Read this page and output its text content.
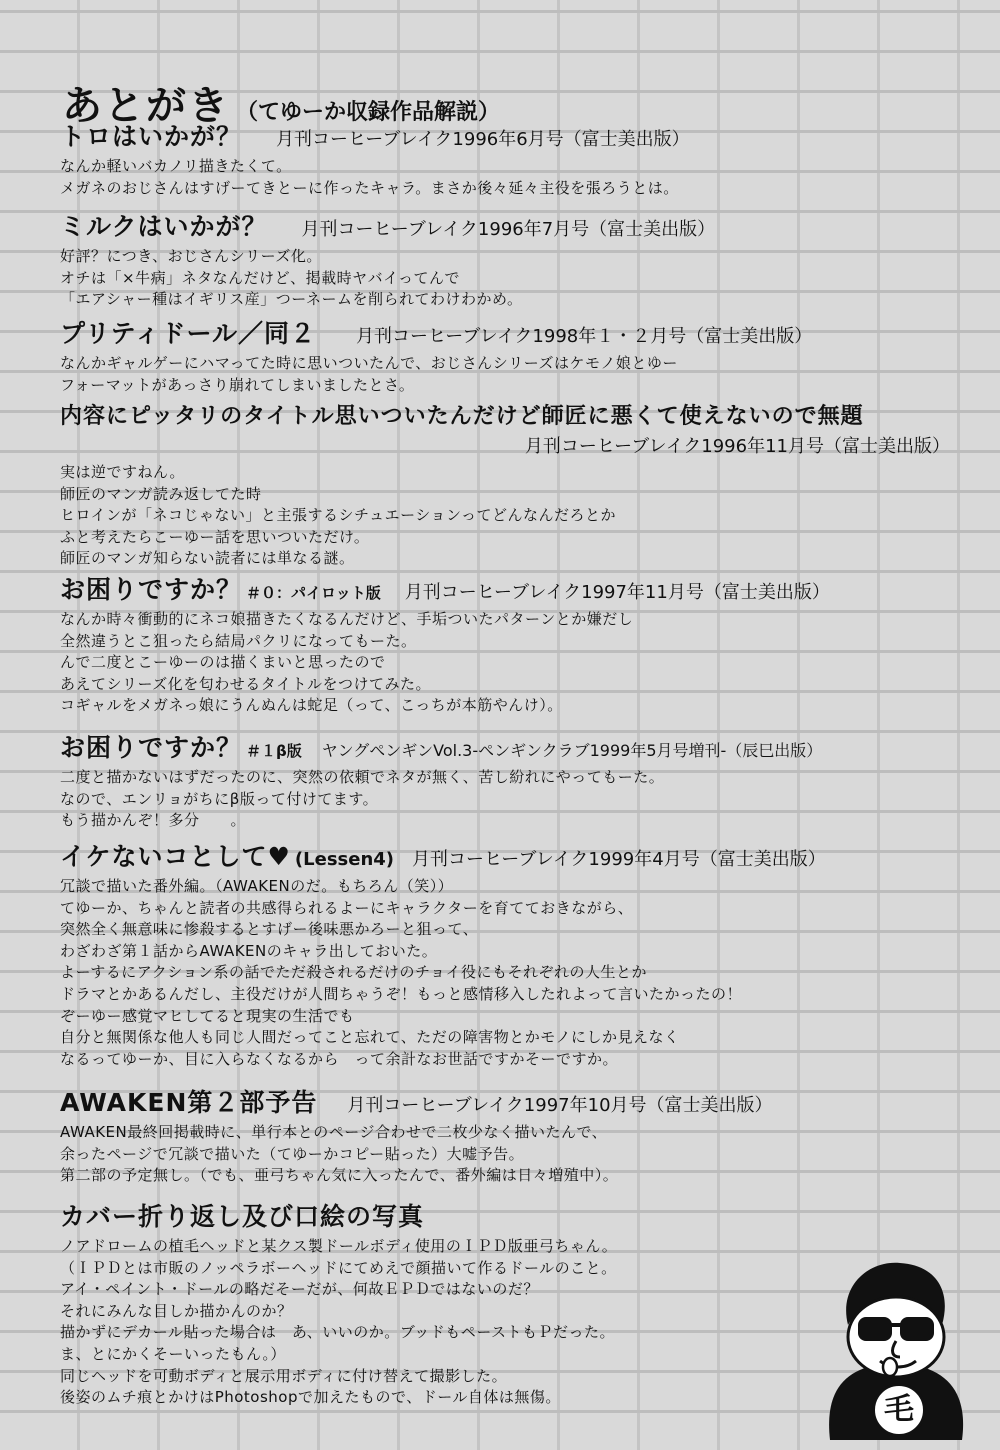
あとがき （てゆーか収録作品解説）
トロはいかが？ 月刊コーヒーブレイク1996年6月号（富士美出版）
なんか軽いバカノリ描きたくて。
メガネのおじさんはすげーてきとーに作ったキャラ。まさか後々延々主役を張ろうとは。
ミルクはいかが？ 月刊コーヒーブレイク1996年7月号（富士美出版）
好評？につき、おじさんシリーズ化。
オチは「×牛病」ネタなんだけど、掲載時ヤバイってんで
「エアシャー種はイギリス産」つーネームを削られてわけわかめ。
プリティドール／同２ 月刊コーヒーブレイク1998年１・２月号（富士美出版）
なんかギャルゲーにハマってた時に思いついたんで、おじさんシリーズはケモノ娘とゆー
フォーマットがあっさり崩れてしまいましたとさ。
内容にピッタリのタイトル思いついたんだけど師匠に悪くて使えないので無題
月刊コーヒーブレイク1996年11月号（富士美出版）
実は逆ですねん。
師匠のマンガ読み返してた時
ヒロインが「ネコじゃない」と主張するシチュエーションってどんなんだろとか
ふと考えたらこーゆー話を思いついただけ。
師匠のマンガ知らない読者には単なる謎。
お困りですか？ ＃０：パイロット版 月刊コーヒーブレイク1997年11月号（富士美出版）
なんか時々衝動的にネコ娘描きたくなるんだけど、手垢ついたパターンとか嫌だし
全然違うとこ狙ったら結局パクリになってもーた。
んで二度とこーゆーのは描くまいと思ったので
あえてシリーズ化を匂わせるタイトルをつけてみた。
コギャルをメガネっ娘にうんぬんは蛇足（って、こっちが本筋やんけ）。
お困りですか？ ＃１β版 ヤングペンギンVol.3-ペンギンクラブ1999年5月号増刊-（辰巳出版）
二度と描かないはずだったのに、突然の依頼でネタが無く、苦し紛れにやってもーた。
なので、エンリョがちにβ版って付けてます。
もう描かんぞ！多分　　。
イケないコとして♥ (Lessen4) 月刊コーヒーブレイク1999年4月号（富士美出版）
冗談で描いた番外編。（AWAKENのだ。もちろん（笑））
てゆーか、ちゃんと読者の共感得られるよーにキャラクターを育てておきながら、
突然全く無意味に惨殺するとすげー後味悪かろーと狙って、
わざわざ第１話からAWAKENのキャラ出しておいた。
よーするにアクション系の話でただ殺されるだけのチョイ役にもそれぞれの人生とか
ドラマとかあるんだし、主役だけが人間ちゃうぞ！もっと感情移入したれよって言いたかったの！
ぞーゆー感覚マヒしてると現実の生活でも
自分と無関係な他人も同じ人間だってこと忘れて、ただの障害物とかモノにしか見えなく
なるってゆーか、目に入らなくなるから　って余計なお世話ですかそーですか。
AWAKEN第２部予告 月刊コーヒーブレイク1997年10月号（富士美出版）
AWAKEN最終回掲載時に、単行本とのページ合わせで二枚少なく描いたんで、
余ったページで冗談で描いた（てゆーかコピー貼った）大嘘予告。
第二部の予定無し。（でも、亜弓ちゃん気に入ったんで、番外編は日々増殖中）。
カバー折り返し及び口絵の写真
ノアドロームの植毛ヘッドと某クス製ドールボディ使用のＩＰＤ版亜弓ちゃん。
（ＩＰＤとは市販のノッペラボーヘッドにてめえで顔描いて作るドールのこと。
アイ・ペイント・ドールの略だそーだが、何故ＥＰＤではないのだ？
それにみんな目しか描かんのか？
描かずにデカール貼った場合は　あ、いいのか。ブッドもペーストもＰだった。
ま、とにかくそーいったもん。）
同じヘッドを可動ボディと展示用ボディに付け替えて撮影した。
後姿のムチ痕とかけはPhotoshopで加えたもので、ドール自体は無傷。	毛
